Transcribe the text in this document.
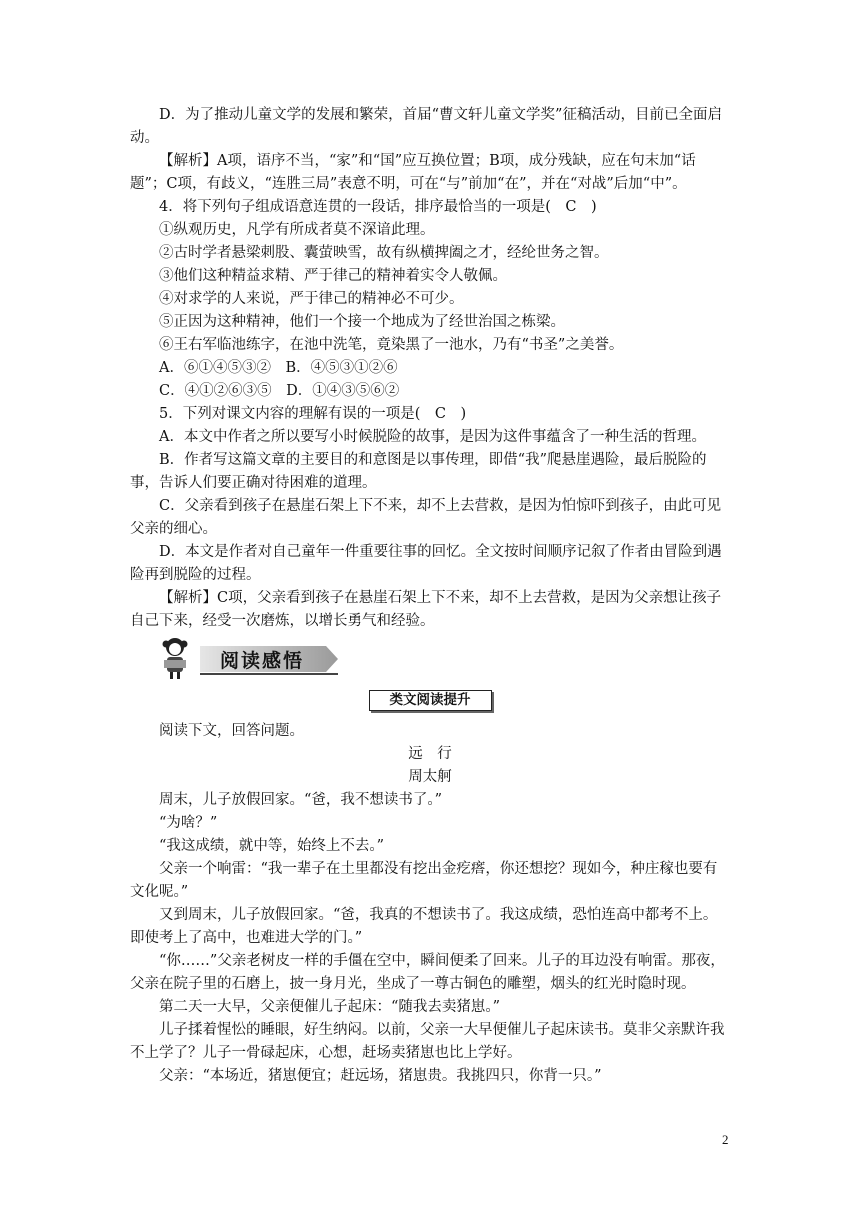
D．为了推动儿童文学的发展和繁荣，首届“曹文轩儿童文学奖”征稿活动，目前已全面启动。

【解析】A项，语序不当，“家”和“国”应互换位置；B项，成分残缺，应在句末加“话题”；C项，有歧义，“连胜三局”表意不明，可在“与”前加“在”，并在“对战”后加“中”。

4．将下列句子组成语意连贯的一段话，排序最恰当的一项是(　C　)

①纵观历史，凡学有所成者莫不深谙此理。

②古时学者悬梁刺股、囊萤映雪，故有纵横捭阖之才，经纶世务之智。

③他们这种精益求精、严于律己的精神着实令人敬佩。

④对求学的人来说，严于律己的精神必不可少。

⑤正因为这种精神，他们一个接一个地成为了经世治国之栋梁。

⑥王右军临池练字，在池中洗笔，竟染黑了一池水，乃有“书圣”之美誉。

A．⑥①④⑤③②　B．④⑤③①②⑥

C．④①②⑥③⑤　D．①④③⑤⑥②

5．下列对课文内容的理解有误的一项是(　C　)

A．本文中作者之所以要写小时候脱险的故事，是因为这件事蕴含了一种生活的哲理。

B．作者写这篇文章的主要目的和意图是以事传理，即借“我”爬悬崖遇险，最后脱险的事，告诉人们要正确对待困难的道理。

C．父亲看到孩子在悬崖石架上下不来，却不上去营救，是因为怕惊吓到孩子，由此可见父亲的细心。

D．本文是作者对自己童年一件重要往事的回忆。全文按时间顺序记叙了作者由冒险到遇险再到脱险的过程。

【解析】C项，父亲看到孩子在悬崖石架上下不来，却不上去营救，是因为父亲想让孩子自己下来，经受一次磨炼，以增长勇气和经验。

阅读感悟
类文阅读提升

阅读下文，回答问题。

远　行

周太舸

周末，儿子放假回家。“爸，我不想读书了。”

“为啥？”

“我这成绩，就中等，始终上不去。”

父亲一个响雷：“我一辈子在土里都没有挖出金疙瘩，你还想挖？现如今，种庄稼也要有文化呢。”

又到周末，儿子放假回家。“爸，我真的不想读书了。我这成绩，恐怕连高中都考不上。即使考上了高中，也难进大学的门。”

“你……”父亲老树皮一样的手僵在空中，瞬间便柔了回来。儿子的耳边没有响雷。那夜，父亲在院子里的石磨上，披一身月光，坐成了一尊古铜色的雕塑，烟头的红光时隐时现。

第二天一大早，父亲便催儿子起床：“随我去卖猪崽。”

儿子揉着惺忪的睡眼，好生纳闷。以前，父亲一大早便催儿子起床读书。莫非父亲默许我不上学了？儿子一骨碌起床，心想，赶场卖猪崽也比上学好。

父亲：“本场近，猪崽便宜；赶远场，猪崽贵。我挑四只，你背一只。”

2
